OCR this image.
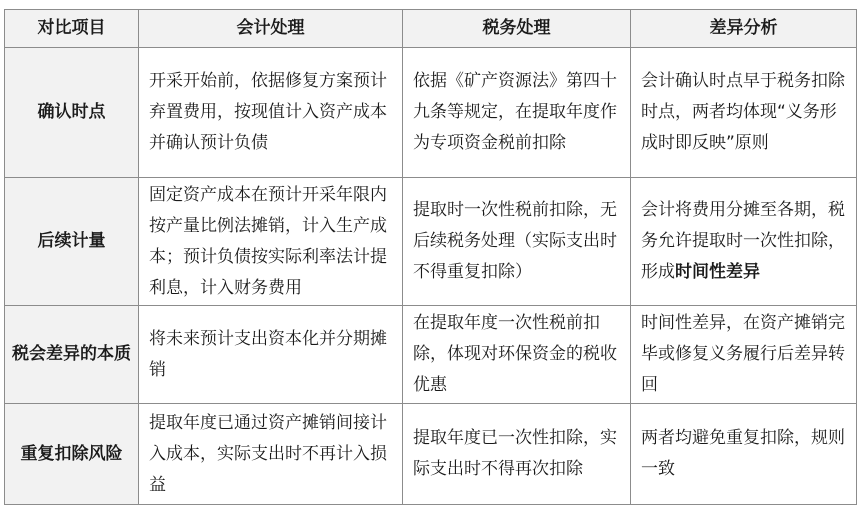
对比项目	会计处理	税务处理	差异分析
确认时点	开采开始前，依据修复方案预计弃置费用，按现值计入资产成本并确认预计负债	依据《矿产资源法》第四十九条等规定，在提取年度作为专项资金税前扣除	会计确认时点早于税务扣除时点，两者均体现“义务形成时即反映”原则
后续计量	固定资产成本在预计开采年限内按产量比例法摊销，计入生产成本；预计负债按实际利率法计提利息，计入财务费用	提取时一次性税前扣除，无后续税务处理（实际支出时不得重复扣除）	会计将费用分摊至各期，税务允许提取时一次性扣除，形成时间性差异
税会差异的本质	将未来预计支出资本化并分期摊销	在提取年度一次性税前扣除，体现对环保资金的税收优惠	时间性差异，在资产摊销完毕或修复义务履行后差异转回
重复扣除风险	提取年度已通过资产摊销间接计入成本，实际支出时不再计入损益	提取年度已一次性扣除，实际支出时不得再次扣除	两者均避免重复扣除，规则一致
